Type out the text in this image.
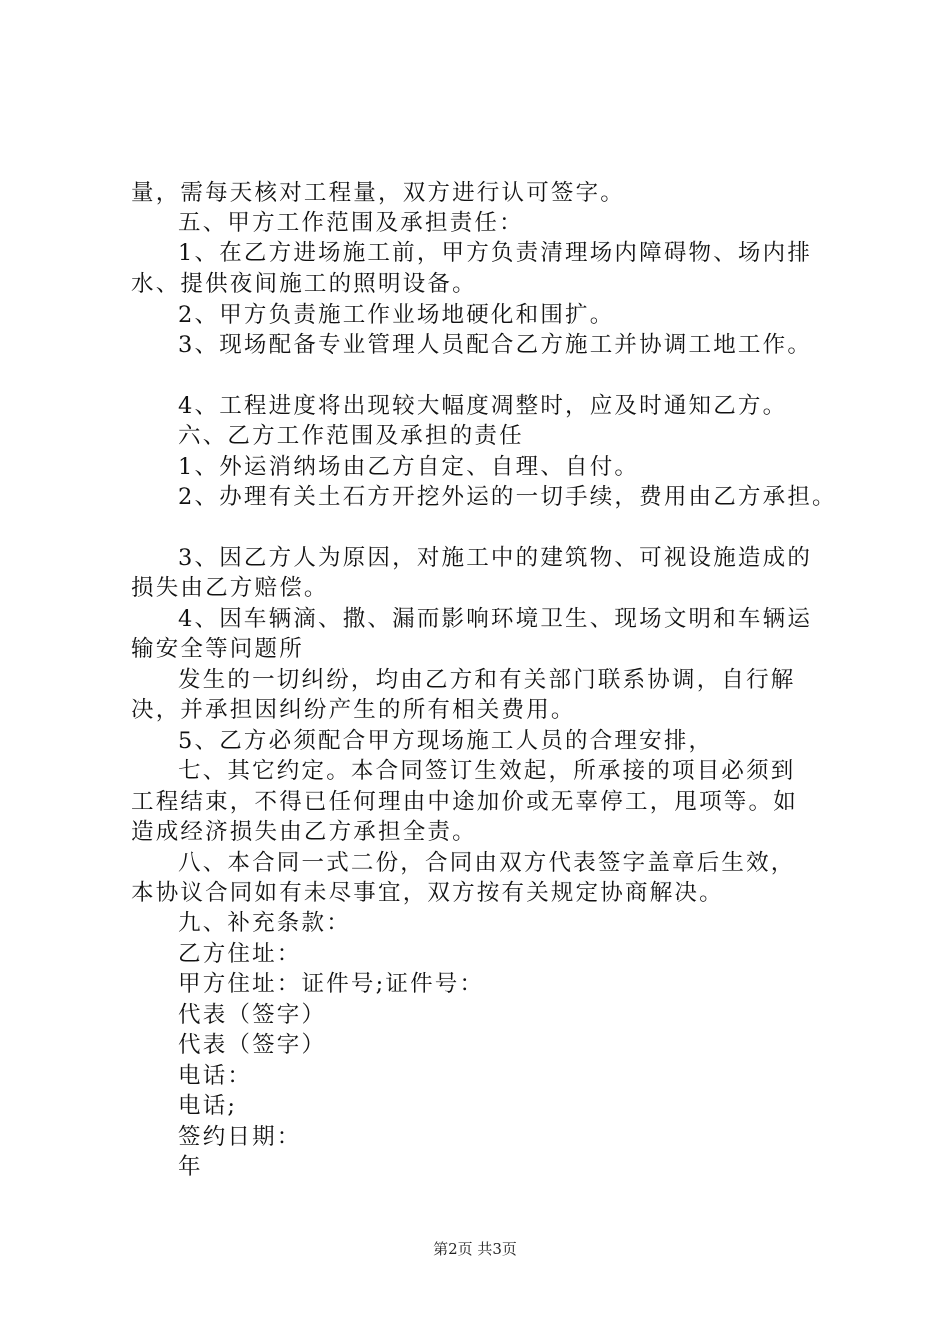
量，需每天核对工程量，双方进行认可签字。
五、甲方工作范围及承担责任：
1、在乙方进场施工前，甲方负责清理场内障碍物、场内排
水、提供夜间施工的照明设备。
2、甲方负责施工作业场地硬化和围扩。
3、现场配备专业管理人员配合乙方施工并协调工地工作。
4、工程进度将出现较大幅度凋整时，应及时通知乙方。
六、乙方工作范围及承担的责任
1、外运消纳场由乙方自定、自理、自付。
2、办理有关土石方开挖外运的一切手续，费用由乙方承担。
3、因乙方人为原因，对施工中的建筑物、可视设施造成的
损失由乙方赔偿。
4、因车辆滴、撒、漏而影响环境卫生、现场文明和车辆运
输安全等问题所
发生的一切纠纷，均由乙方和有关部门联系协调，自行解
决，并承担因纠纷产生的所有相关费用。
5、乙方必须配合甲方现场施工人员的合理安排，
七、其它约定。本合同签订生效起，所承接的项目必须到
工程结束，不得已任何理由中途加价或无辜停工，甩项等。如
造成经济损失由乙方承担全责。
八、本合同一式二份，合同由双方代表签字盖章后生效，
本协议合同如有未尽事宜，双方按有关规定协商解决。
九、补充条款：
乙方住址：
甲方住址：证件号;证件号：
代表（签字）
代表（签字）
电话：
电话;
签约日期：
年
第2页 共3页
